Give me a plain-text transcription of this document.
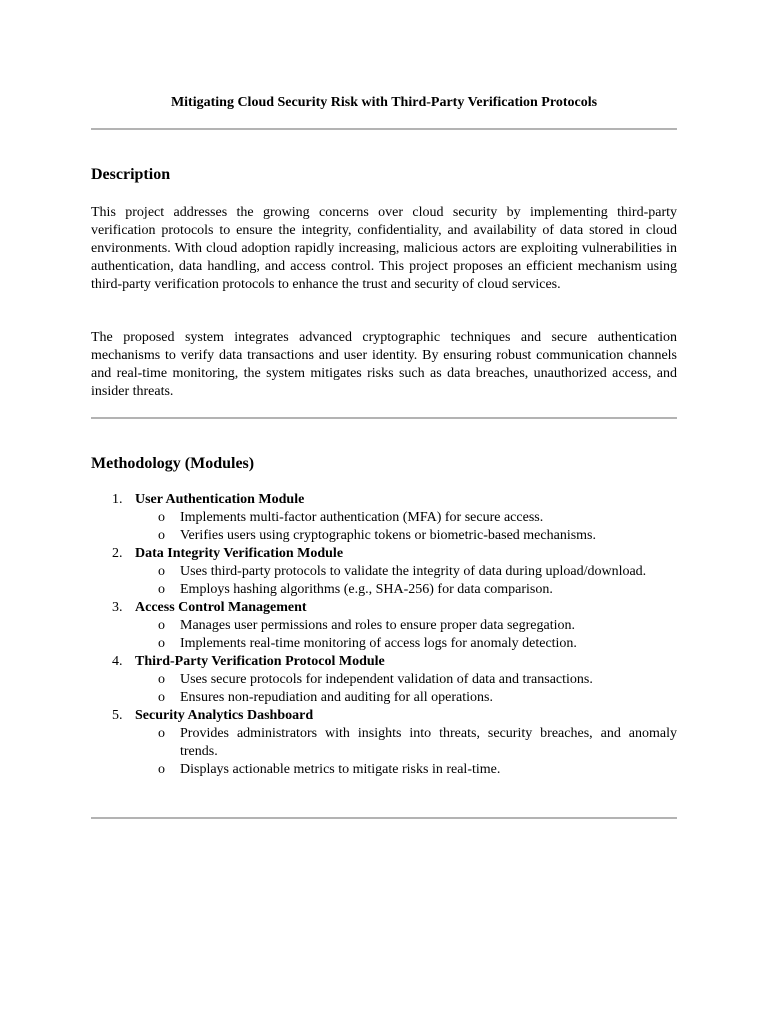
Mitigating Cloud Security Risk with Third-Party Verification Protocols
Description

This project addresses the growing concerns over cloud security by implementing third-party verification protocols to ensure the integrity, confidentiality, and availability of data stored in cloud environments. With cloud adoption rapidly increasing, malicious actors are exploiting vulnerabilities in authentication, data handling, and access control. This project proposes an efficient mechanism using third-party verification protocols to enhance the trust and security of cloud services.

The proposed system integrates advanced cryptographic techniques and secure authentication mechanisms to verify data transactions and user identity. By ensuring robust communication channels and real-time monitoring, the system mitigates risks such as data breaches, unauthorized access, and insider threats.

Methodology (Modules)
1. User Authentication Module
o Implements multi-factor authentication (MFA) for secure access.
o Verifies users using cryptographic tokens or biometric-based mechanisms.
2. Data Integrity Verification Module
o Uses third-party protocols to validate the integrity of data during upload/download.
o Employs hashing algorithms (e.g., SHA-256) for data comparison.
3. Access Control Management
o Manages user permissions and roles to ensure proper data segregation.
o Implements real-time monitoring of access logs for anomaly detection.
4. Third-Party Verification Protocol Module
o Uses secure protocols for independent validation of data and transactions.
o Ensures non-repudiation and auditing for all operations.
5. Security Analytics Dashboard
o Provides administrators with insights into threats, security breaches, and anomaly trends.
o Displays actionable metrics to mitigate risks in real-time.
